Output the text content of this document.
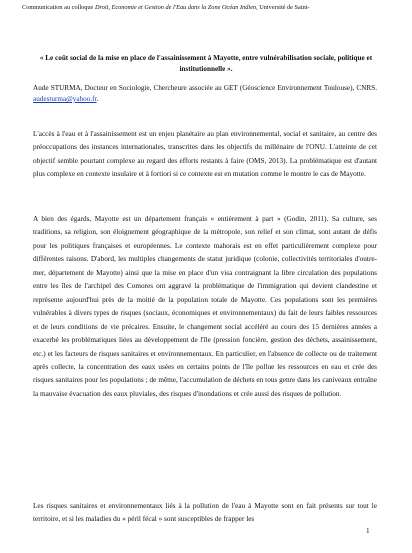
Communication au colloque Droit, Économie et Gestion de l'Eau dans la Zone Océan Indien, Université de Saint-
« Le coût social de la mise en place de l'assainissement à Mayotte, entre vulnérabilisation sociale, politique et institutionnelle ».
Aude STURMA, Docteur en Sociologie, Chercheure associée au GET (Géoscience Environnement Toulouse), CNRS. audesturma@yahoo.fr.

L'accès à l'eau et à l'assainissement est un enjeu planétaire au plan environnemental, social et sanitaire, au centre des préoccupations des instances internationales, transcrites dans les objectifs du millénaire de l'ONU. L'atteinte de cet objectif semble pourtant complexe au regard des efforts restants à faire (OMS, 2013). La problématique est d'autant plus complexe en contexte insulaire et à fortiori si ce contexte est en mutation comme le montre le cas de Mayotte.

A bien des égards, Mayotte est un département français « entièrement à part » (Godin, 2011). Sa culture, ses traditions, sa religion, son éloignement géographique de la métropole, son relief et son climat, sont autant de défis pour les politiques françaises et européennes. Le contexte mahorais est en effet particulièrement complexe pour différentes raisons. D'abord, les multiples changements de statut juridique (colonie, collectivités territoriales d'outre-mer, département de Mayotte) ainsi que la mise en place d'un visa contraignant la libre circulation des populations entre les îles de l'archipel des Comores ont aggravé la problématique de l'immigration qui devient clandestine et représente aujourd'hui près de la moitié de la population totale de Mayotte. Ces populations sont les premières vulnérables à divers types de risques (sociaux, économiques et environnementaux) du fait de leurs faibles ressources et de leurs conditions de vie précaires. Ensuite, le changement social accéléré au cours des 15 dernières années a exacerbé les problématiques liées au développement de l'île (pression foncière, gestion des déchets, assainissement, etc.) et les facteurs de risques sanitaires et environnementaux. En particulier, en l'absence de collecte ou de traitement après collecte, la concentration des eaux usées en certains points de l'île pollue les ressources en eau et crée des risques sanitaires pour les populations ; de même, l'accumulation de déchets en tous genre dans les caniveaux entraîne la mauvaise évacuation des eaux pluviales, des risques d'inondations et crée aussi des risques de pollution.

Les risques sanitaires et environnementaux liés à la pollution de l'eau à Mayotte sont en fait présents sur tout le territoire, et si les maladies du « péril fécal » sont susceptibles de frapper les

1
